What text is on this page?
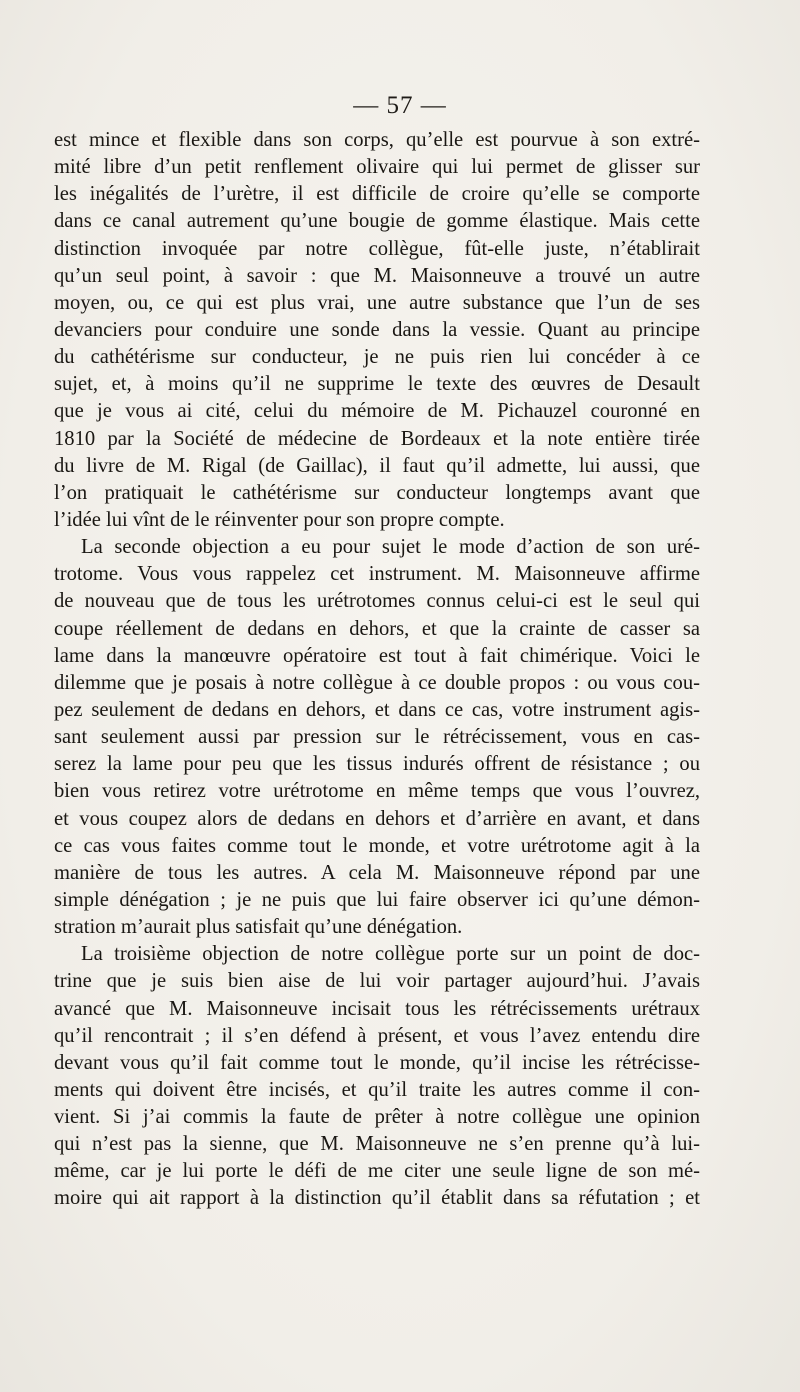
— 57 —
est mince et flexible dans son corps, qu’elle est pourvue à son extré-
mité libre d’un petit renflement olivaire qui lui permet de glisser sur
les inégalités de l’urètre, il est difficile de croire qu’elle se comporte
dans ce canal autrement qu’une bougie de gomme élastique. Mais cette
distinction invoquée par notre collègue, fût-elle juste, n’établirait
qu’un seul point, à savoir : que M. Maisonneuve a trouvé un autre
moyen, ou, ce qui est plus vrai, une autre substance que l’un de ses
devanciers pour conduire une sonde dans la vessie. Quant au principe
du cathétérisme sur conducteur, je ne puis rien lui concéder à ce
sujet, et, à moins qu’il ne supprime le texte des œuvres de Desault
que je vous ai cité, celui du mémoire de M. Pichauzel couronné en
1810 par la Société de médecine de Bordeaux et la note entière tirée
du livre de M. Rigal (de Gaillac), il faut qu’il admette, lui aussi, que
l’on pratiquait le cathétérisme sur conducteur longtemps avant que
l’idée lui vînt de le réinventer pour son propre compte.
La seconde objection a eu pour sujet le mode d’action de son uré-
trotome. Vous vous rappelez cet instrument. M. Maisonneuve affirme
de nouveau que de tous les urétrotomes connus celui-ci est le seul qui
coupe réellement de dedans en dehors, et que la crainte de casser sa
lame dans la manœuvre opératoire est tout à fait chimérique. Voici le
dilemme que je posais à notre collègue à ce double propos : ou vous cou-
pez seulement de dedans en dehors, et dans ce cas, votre instrument agis-
sant seulement aussi par pression sur le rétrécissement, vous en cas-
serez la lame pour peu que les tissus indurés offrent de résistance ; ou
bien vous retirez votre urétrotome en même temps que vous l’ouvrez,
et vous coupez alors de dedans en dehors et d’arrière en avant, et dans
ce cas vous faites comme tout le monde, et votre urétrotome agit à la
manière de tous les autres. A cela M. Maisonneuve répond par une
simple dénégation ; je ne puis que lui faire observer ici qu’une démon-
stration m’aurait plus satisfait qu’une dénégation.
La troisième objection de notre collègue porte sur un point de doc-
trine que je suis bien aise de lui voir partager aujourd’hui. J’avais
avancé que M. Maisonneuve incisait tous les rétrécissements urétraux
qu’il rencontrait ; il s’en défend à présent, et vous l’avez entendu dire
devant vous qu’il fait comme tout le monde, qu’il incise les rétrécisse-
ments qui doivent être incisés, et qu’il traite les autres comme il con-
vient. Si j’ai commis la faute de prêter à notre collègue une opinion
qui n’est pas la sienne, que M. Maisonneuve ne s’en prenne qu’à lui-
même, car je lui porte le défi de me citer une seule ligne de son mé-
moire qui ait rapport à la distinction qu’il établit dans sa réfutation ; et
